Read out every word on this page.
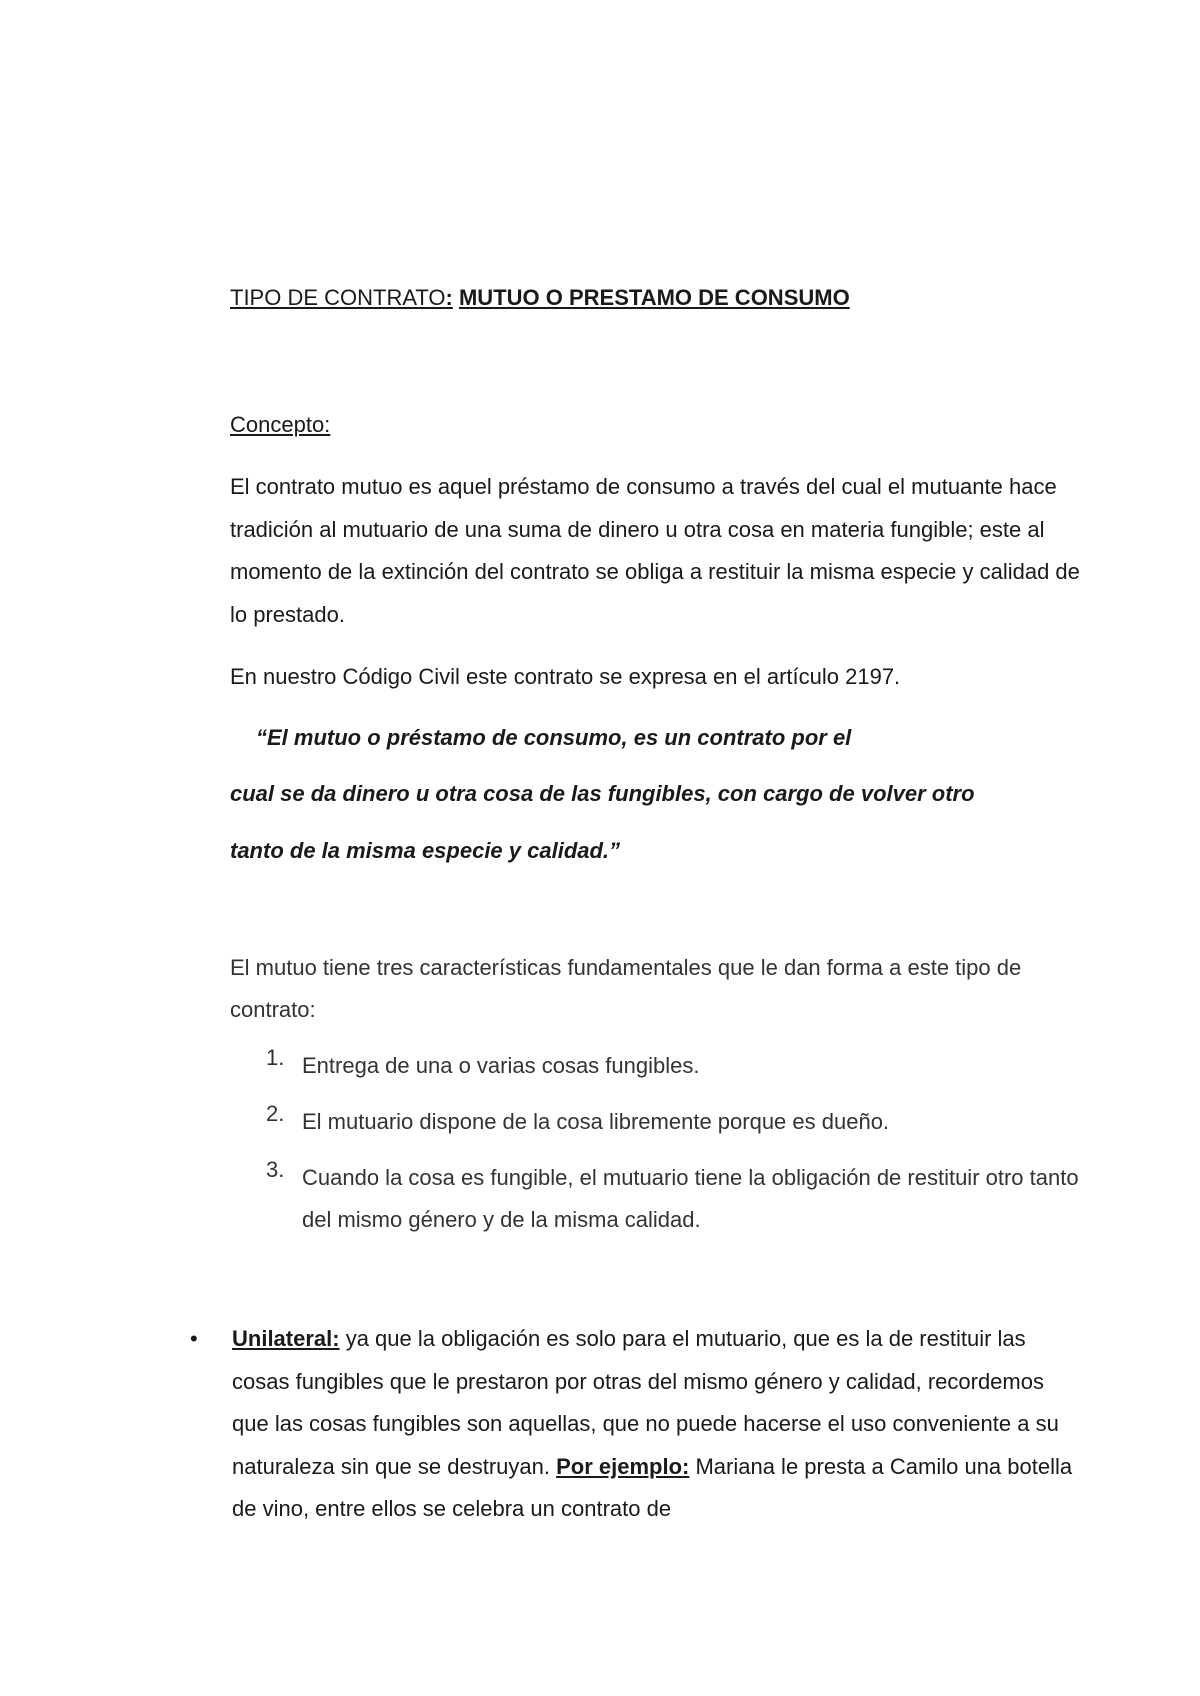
TIPO DE CONTRATO: MUTUO O PRESTAMO DE CONSUMO
Concepto:
El contrato mutuo es aquel préstamo de consumo a través del cual el mutuante hace tradición al mutuario de una suma de dinero u otra cosa en materia fungible; este al momento de la extinción del contrato se obliga a restituir la misma especie y calidad de lo prestado.
En nuestro Código Civil este contrato se expresa en el artículo 2197.
“El mutuo o préstamo de consumo, es un contrato por el
cual se da dinero u otra cosa de las fungibles, con cargo de volver otro
tanto de la misma especie y calidad.”
El mutuo tiene tres características fundamentales que le dan forma a este tipo de contrato:
1. Entrega de una o varias cosas fungibles.
2. El mutuario dispone de la cosa libremente porque es dueño.
3. Cuando la cosa es fungible, el mutuario tiene la obligación de restituir otro tanto del mismo género y de la misma calidad.
•	Unilateral: ya que la obligación es solo para el mutuario, que es la de restituir las cosas fungibles que le prestaron por otras del mismo género y calidad, recordemos que las cosas fungibles son aquellas, que no puede hacerse el uso conveniente a su naturaleza sin que se destruyan. Por ejemplo: Mariana le presta a Camilo una botella de vino, entre ellos se celebra un contrato de
